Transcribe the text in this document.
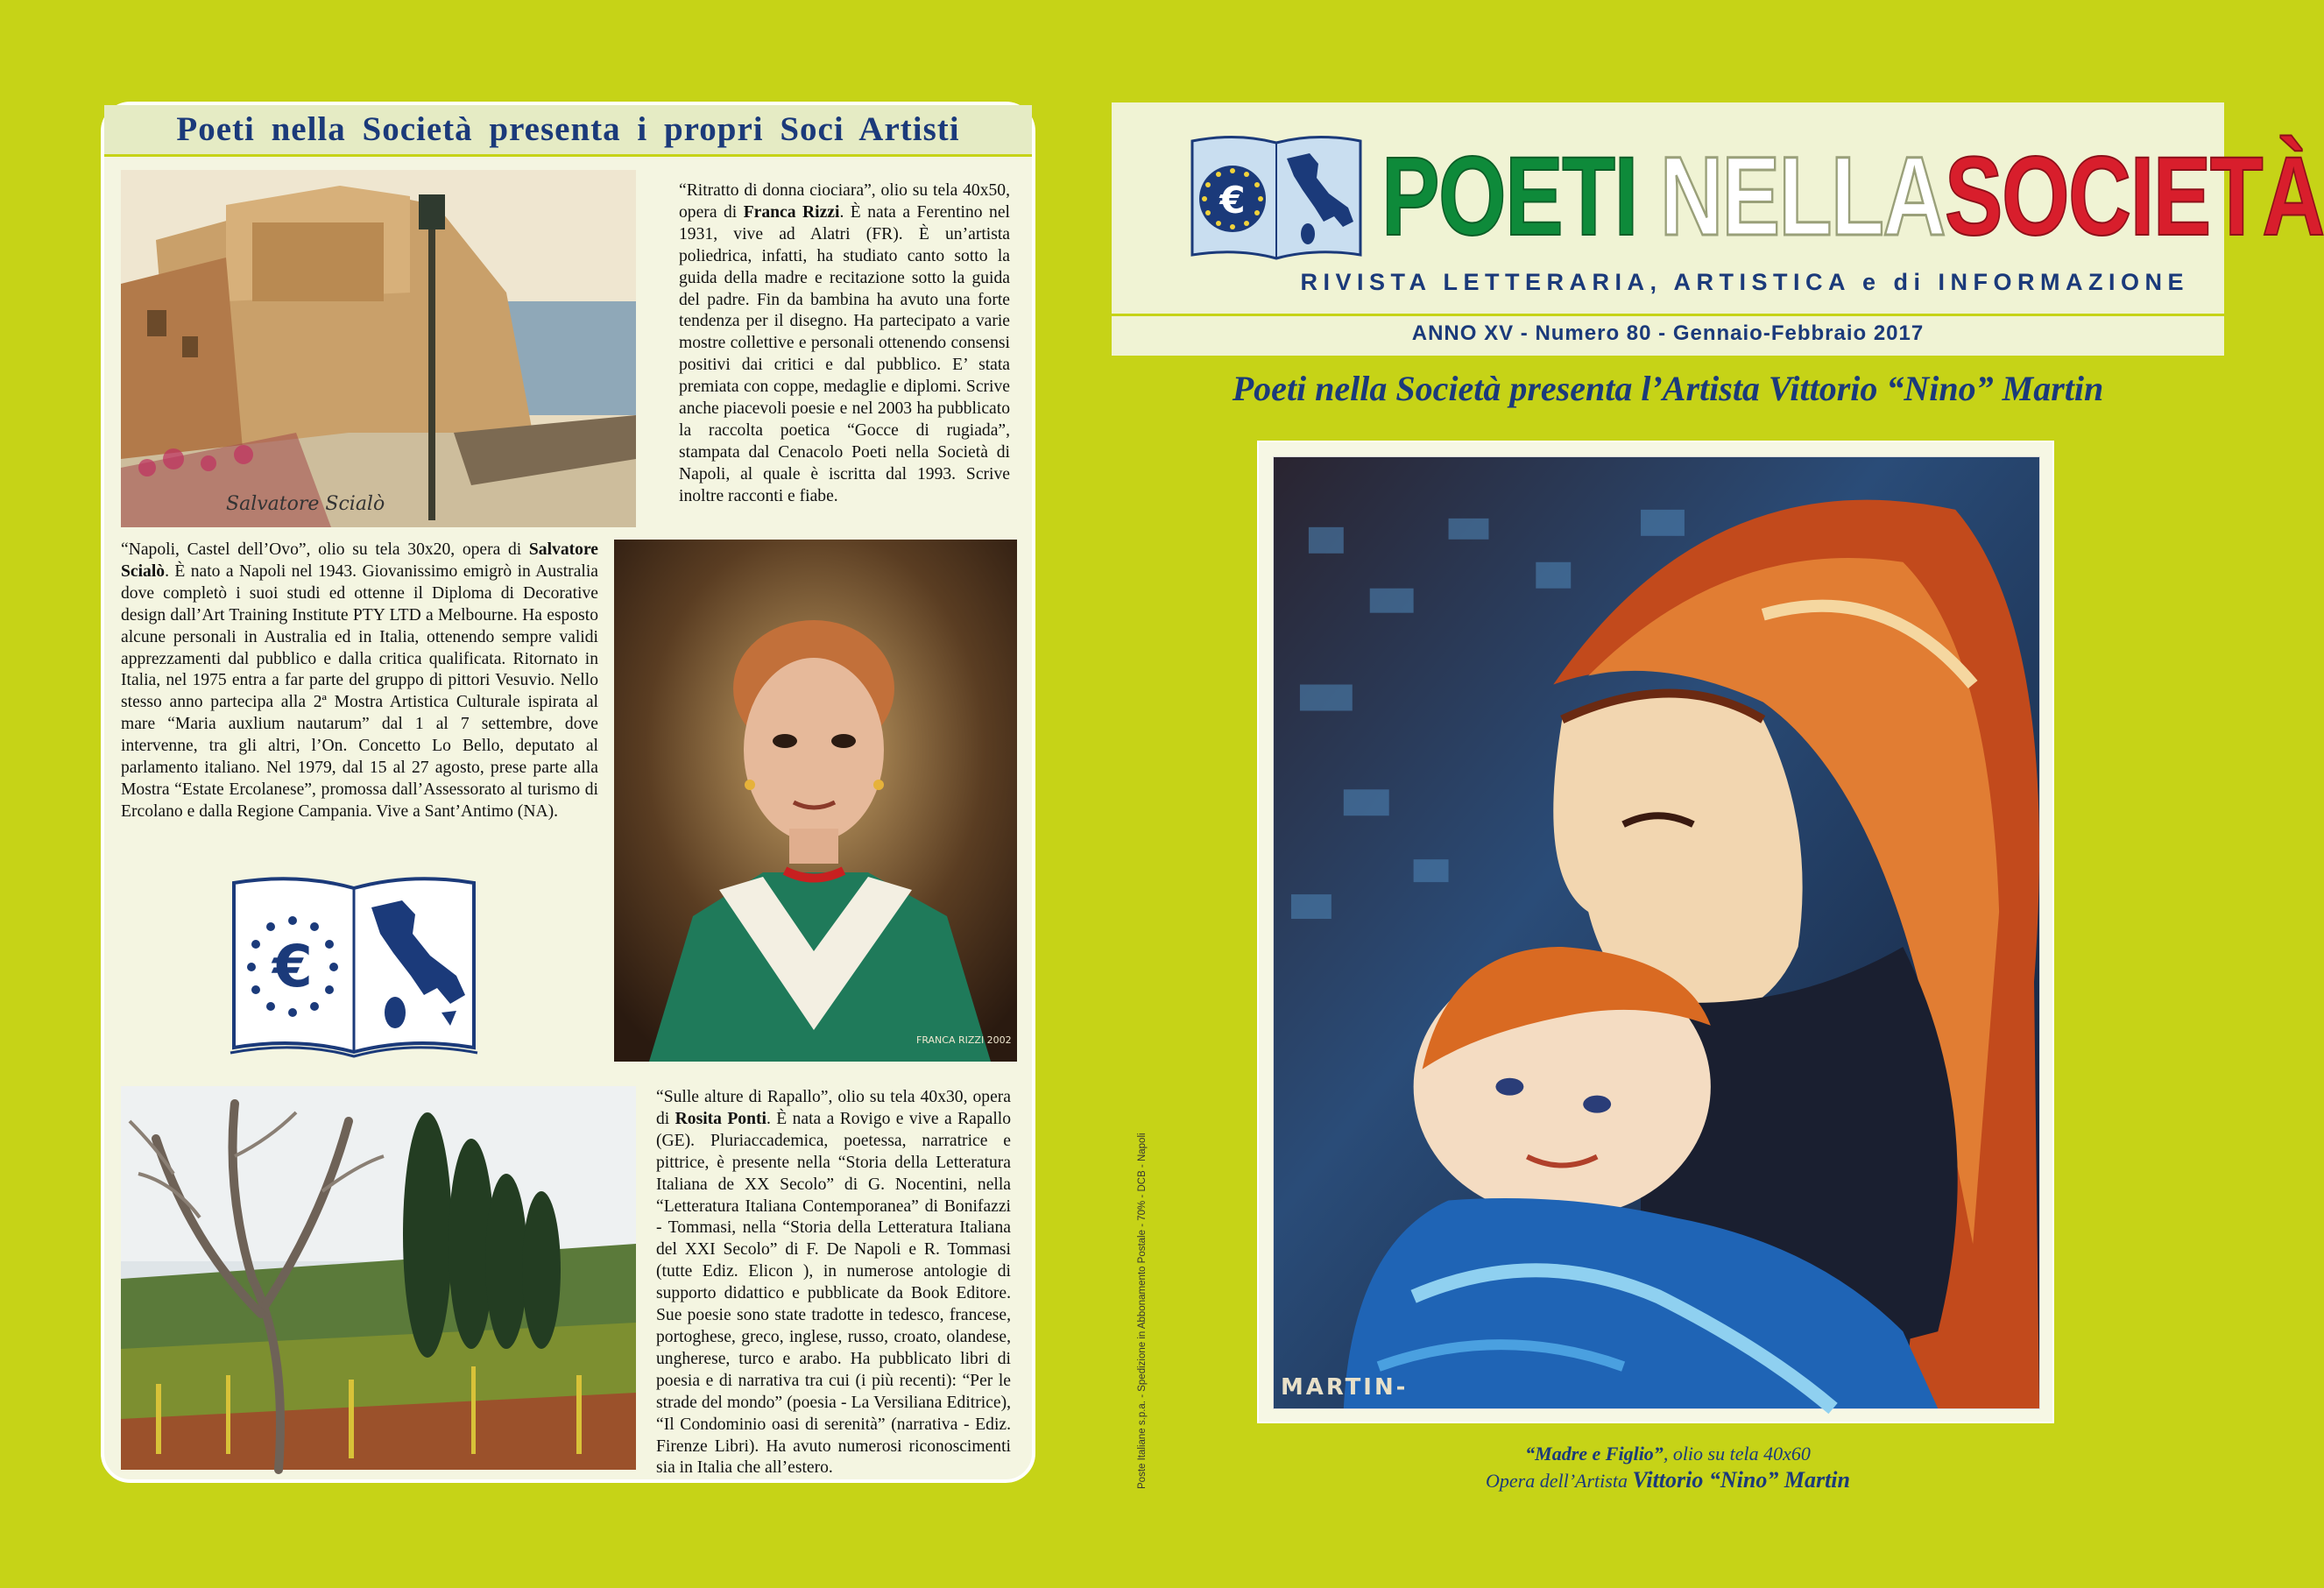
Poeti nella Società presenta i propri Soci Artisti
Salvatore Scialò
“Ritratto di donna ciociara”, olio su tela 40x50, opera di Franca Rizzi. È nata a Ferentino nel 1931, vive ad Alatri (FR). È un’artista poliedrica, infatti, ha studiato canto sotto la guida della madre e recitazione sotto la guida del padre. Fin da bambina ha avuto una forte tendenza per il disegno. Ha partecipato a varie mostre collettive e personali ottenendo consensi positivi dai critici e dal pubblico. E’ stata premiata con coppe, medaglie e diplomi. Scrive anche piacevoli poesie e nel 2003 ha pubblicato la raccolta poetica “Gocce di rugiada”, stampata dal Cenacolo Poeti nella Società di Napoli, al quale è iscritta dal 1993. Scrive inoltre racconti e fiabe.
“Napoli, Castel dell’Ovo”, olio su tela 30x20, opera di Salvatore Scialò. È nato a Napoli nel 1943. Giovanissimo emigrò in Australia dove completò i suoi studi ed ottenne il Diploma di Decorative design dall’Art Training Institute PTY LTD a Melbourne. Ha esposto alcune personali in Australia ed in Italia, ottenendo sempre validi apprezzamenti dal pubblico e dalla critica qualificata. Ritornato in Italia, nel 1975 entra a far parte del gruppo di pittori Vesuvio. Nello stesso anno partecipa alla 2ª Mostra Artistica Culturale ispirata al mare “Maria auxlium nautarum” dal 1 al 7 settembre, dove intervenne, tra gli altri, l’On. Concetto Lo Bello, deputato al parlamento italiano. Nel 1979, dal 15 al 27 agosto, prese parte alla Mostra “Estate Ercolanese”, promossa dall’Assessorato al turismo di Ercolano e dalla Regione Campania. Vive a Sant’Antimo (NA).
FRANCA RIZZI 2002
€
“Sulle alture di Rapallo”, olio su tela 40x30, opera di Rosita Ponti. È nata a Rovigo e vive a Rapallo (GE). Pluriaccademica, poetessa, narratrice e pittrice, è presente nella “Storia della Letteratura Italiana de XX Secolo” di G. Nocentini, nella “Letteratura Italiana Contemporanea” di Bonifazzi - Tommasi, nella “Storia della Letteratura Italiana del XXI Secolo” di F. De Napoli e R. Tommasi (tutte Ediz. Elicon ), in numerose antologie di supporto didattico e pubblicate da Book Editore. Sue poesie sono state tradotte in tedesco, francese, portoghese, greco, inglese, russo, croato, olandese, ungherese, turco e arabo. Ha pubblicato libri di poesia e di narrativa tra cui (i più recenti): “Per le strade del mondo” (poesia - La Versiliana Editrice), “Il Condominio oasi di serenità” (narrativa - Ediz. Firenze Libri). Ha avuto numerosi riconoscimenti sia in Italia che all’estero.	Poste Italiane s.p.a. - Spedizione in Abbonamento Postale - 70% - DCB - Napoli
€ POETI NELLASOCIETÀ
RIVISTA LETTERARIA, ARTISTICA e di INFORMAZIONE
ANNO XV - Numero 80 - Gennaio-Febbraio 2017
Poeti nella Società presenta l’Artista Vittorio “Nino” Martin
MARTIN-
“Madre e Figlio”, olio su tela 40x60
Opera dell’Artista Vittorio “Nino” Martin
